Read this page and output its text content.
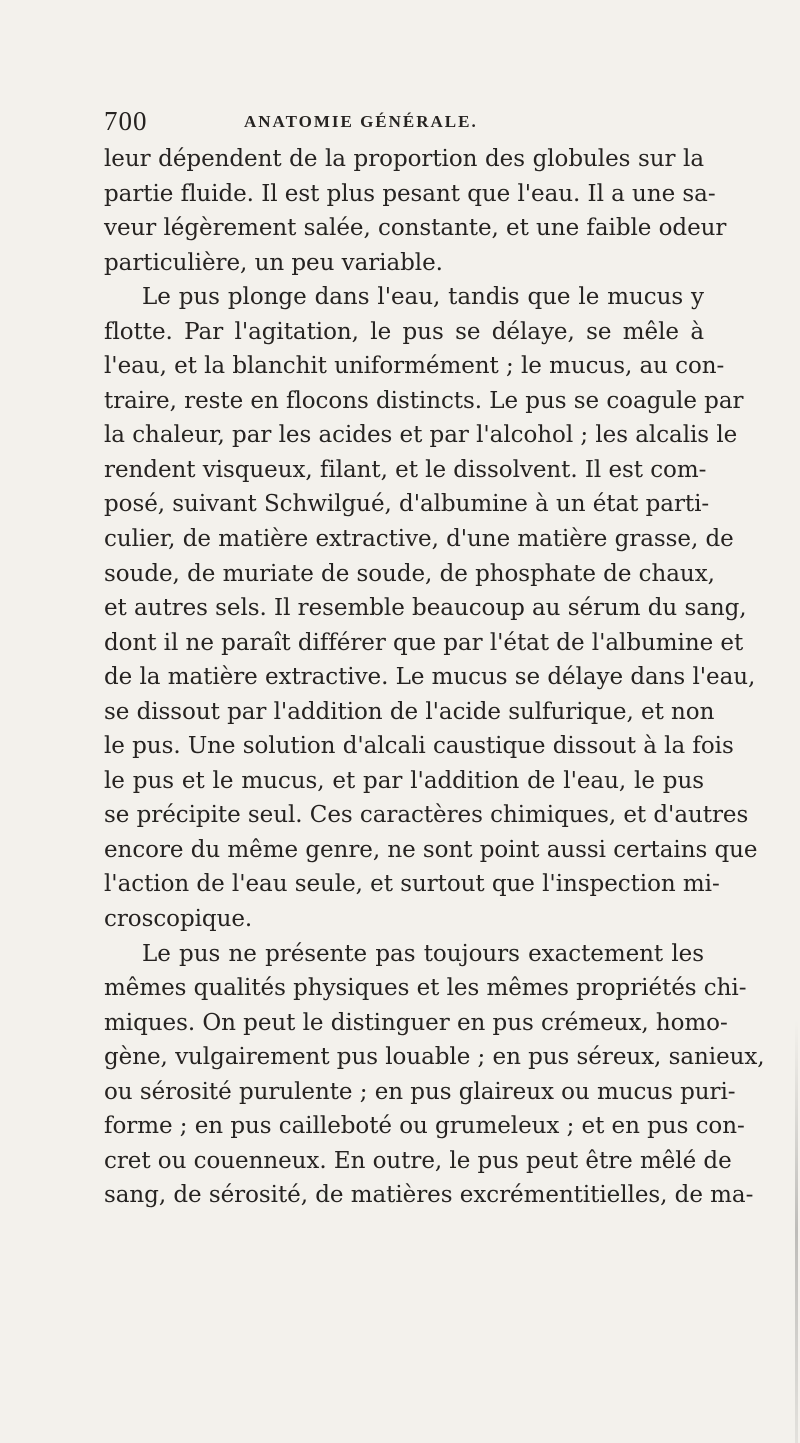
700	ANATOMIE GÉNÉRALE.
leur dépendent de la proportion des globules sur la
partie fluide. Il est plus pesant que l'eau. Il a une sa-
veur légèrement salée, constante, et une faible odeur
particulière, un peu variable.
Le pus plonge dans l'eau, tandis que le mucus y
flotte. Par l'agitation, le pus se délaye, se mêle à
l'eau, et la blanchit uniformément ; le mucus, au con-
traire, reste en flocons distincts. Le pus se coagule par
la chaleur, par les acides et par l'alcohol ; les alcalis le
rendent visqueux, filant, et le dissolvent. Il est com-
posé, suivant Schwilgué, d'albumine à un état parti-
culier, de matière extractive, d'une matière grasse, de
soude, de muriate de soude, de phosphate de chaux,
et autres sels. Il resemble beaucoup au sérum du sang,
dont il ne paraît différer que par l'état de l'albumine et
de la matière extractive. Le mucus se délaye dans l'eau,
se dissout par l'addition de l'acide sulfurique, et non
le pus. Une solution d'alcali caustique dissout à la fois
le pus et le mucus, et par l'addition de l'eau, le pus
se précipite seul. Ces caractères chimiques, et d'autres
encore du même genre, ne sont point aussi certains que
l'action de l'eau seule, et surtout que l'inspection mi-
croscopique.
Le pus ne présente pas toujours exactement les
mêmes qualités physiques et les mêmes propriétés chi-
miques. On peut le distinguer en pus crémeux, homo-
gène, vulgairement pus louable ; en pus séreux, sanieux,
ou sérosité purulente ; en pus glaireux ou mucus puri-
forme ; en pus cailleboté ou grumeleux ; et en pus con-
cret ou couenneux. En outre, le pus peut être mêlé de
sang, de sérosité, de matières excrémentitielles, de ma-
